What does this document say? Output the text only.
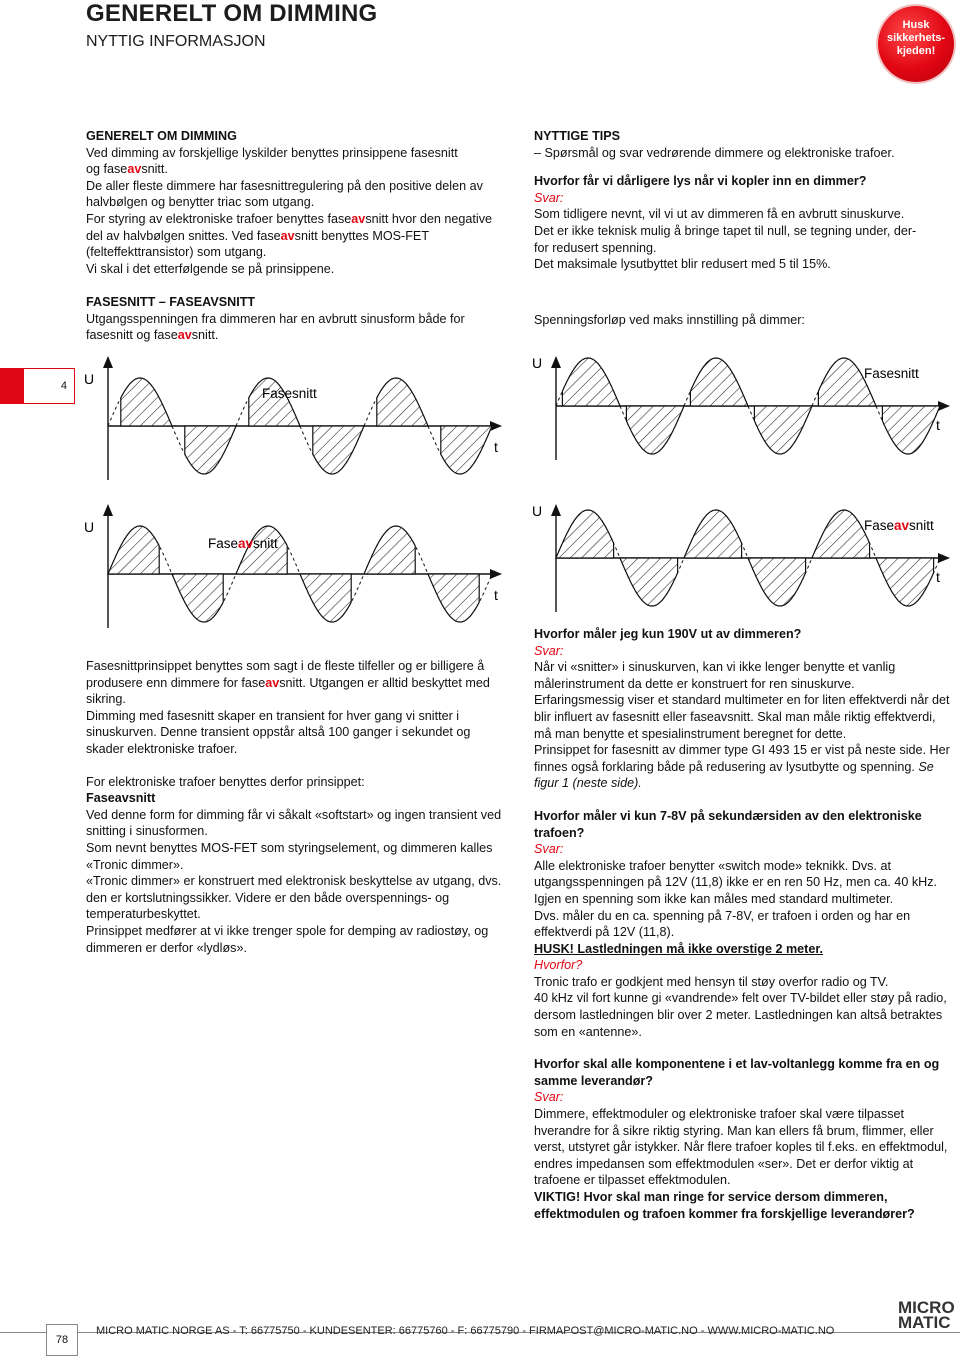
GENERELT OM DIMMING
NYTTIG INFORMASJON
Husk sikkerhets-kjeden!
4

GENERELT OM DIMMING

Ved dimming av forskjellige lyskilder benyttes prinsippene fasesnitt
og faseavsnitt.

De aller fleste dimmere har fasesnittregulering på den positive delen av halvbølgen og benytter triac som utgang.

For styring av elektroniske trafoer benyttes faseavsnitt hvor den negative del av halvbølgen snittes. Ved faseavsnitt benyttes MOS-FET (felteffekttransistor) som utgang.

Vi skal i det etterfølgende se på prinsippene.

FASESNITT – FASEAVSNITT

Utgangsspenningen fra dimmeren har en avbrutt sinusform både for
fasesnitt og faseavsnitt.

NYTTIGE TIPS

– Spørsmål og svar vedrørende dimmere og elektroniske trafoer.

Hvorfor får vi dårligere lys når vi kopler inn en dimmer?

Svar:

Som tidligere nevnt, vil vi ut av dimmeren få en avbrutt sinuskurve.
Det er ikke teknisk mulig å bringe tapet til null, se tegning under, der-
for redusert spenning.
Det maksimale lysutbyttet blir redusert med 5 til 15%.

Spenningsforløp ved maks innstilling på dimmer:

U
t
Fasesnitt
U
t
Fasesnitt
U
t
Faseavsnitt
U
t
Faseavsnitt

Fasesnittprinsippet benyttes som sagt i de fleste tilfeller og er billigere å produsere enn dimmere for faseavsnitt. Utgangen er alltid beskyttet med sikring.

Dimming med fasesnitt skaper en transient for hver gang vi snitter i sinuskurven. Denne transient oppstår altså 100 ganger i sekundet og skader elektroniske trafoer.

For elektroniske trafoer benyttes derfor prinsippet:

Faseavsnitt

Ved denne form for dimming får vi såkalt «softstart» og ingen transient ved snitting i sinusformen.

Som nevnt benyttes MOS-FET som styringselement, og dimmeren kalles «Tronic dimmer».

«Tronic dimmer» er konstruert med elektronisk beskyttelse av utgang, dvs. den er kortslutningssikker. Videre er den både overspennings- og temperaturbeskyttet.

Prinsippet medfører at vi ikke trenger spole for demping av radiostøy, og dimmeren er derfor «lydløs».

Hvorfor måler jeg kun 190V ut av dimmeren?

Svar:

Når vi «snitter» i sinuskurven, kan vi ikke lenger benytte et vanlig målerinstrument da dette er konstruert for ren sinuskurve.

Erfaringsmessig viser et standard multimeter en for liten effektverdi når det blir influert av fasesnitt eller faseavsnitt. Skal man måle riktig effektverdi, må man benytte et spesialinstrument beregnet for dette.

Prinsippet for fasesnitt av dimmer type GI 493 15 er vist på neste side. Her finnes også forklaring både på redusering av lysutbytte og spenning. Se figur 1 (neste side).

Hvorfor måler vi kun 7-8V på sekundærsiden av den elektroniske trafoen?

Svar:

Alle elektroniske trafoer benytter «switch mode» teknikk. Dvs. at utgangsspenningen på 12V (11,8) ikke er en ren 50 Hz, men ca. 40 kHz. Igjen en spenning som ikke kan måles med standard multimeter.

Dvs. måler du en ca. spenning på 7-8V, er trafoen i orden og har en effektverdi på 12V (11,8).

HUSK! Lastledningen må ikke overstige 2 meter.

Hvorfor?

Tronic trafo er godkjent med hensyn til støy overfor radio og TV.

40 kHz vil fort kunne gi «vandrende» felt over TV-bildet eller støy på radio, dersom lastledningen blir over 2 meter. Lastledningen kan altså betraktes som en «antenne».

Hvorfor skal alle komponentene i et lav-voltanlegg komme fra en og samme leverandør?

Svar:

Dimmere, effektmoduler og elektroniske trafoer skal være tilpasset hverandre for å sikre riktig styring. Man kan ellers få brum, flimmer, eller verst, utstyret går istykker. Når flere trafoer koples til f.eks. en effektmodul, endres impedansen som effektmodulen «ser». Det er derfor viktig at trafoene er tilpasset effektmodulen.

VIKTIG! Hvor skal man ringe for service dersom dimmeren, effektmodulen og trafoen kommer fra forskjellige leverandører?

78
MICRO MATIC NORGE AS - T: 66775750 - KUNDESENTER: 66775760 - F: 66775790 - FIRMAPOST@MICRO-MATIC.NO - WWW.MICRO-MATIC.NO
MICRO
MATIC
